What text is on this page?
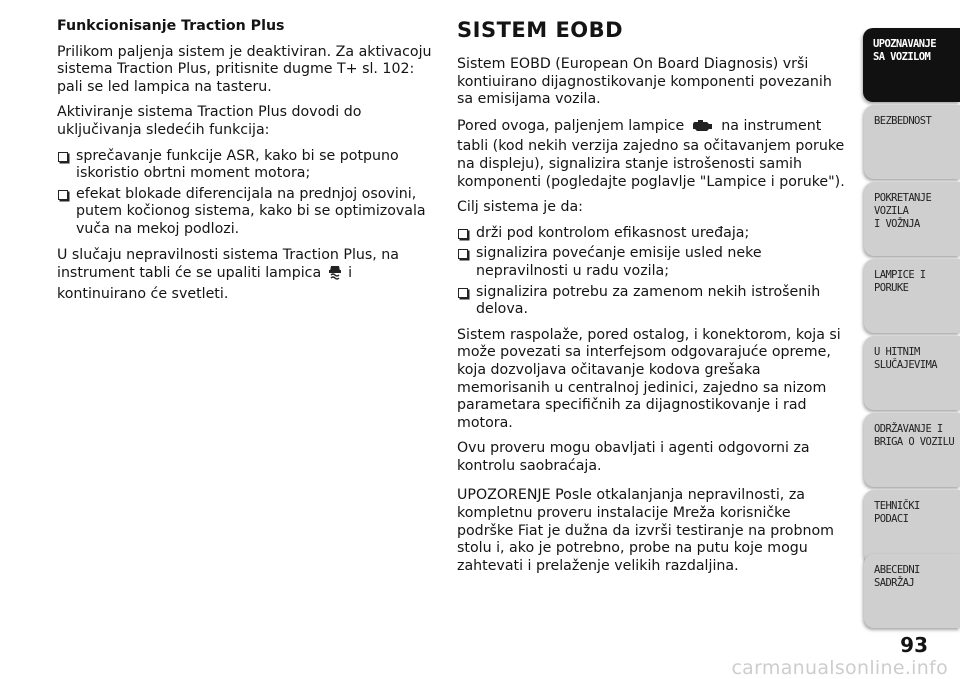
Funkcionisanje Traction Plus

Prilikom paljenja sistem je deaktiviran. Za aktivacoju sistema Traction Plus, pritisnite dugme T+ sl. 102: pali se led lampica na tasteru.

Aktiviranje sistema Traction Plus dovodi do uključivanja sledećih funkcija:

sprečavanje funkcije ASR, kako bi se potpuno iskoristio obrtni moment motora;
efekat blokade diferencijala na prednjoj osovini, putem kočionog sistema, kako bi se optimizovala vuča na mekoj podlozi.

U slučaju nepravilnosti sistema Traction Plus, na instrument tabli će se upaliti lampica i kontinuirano će svetleti.

SISTEM EOBD

Sistem EOBD (European On Board Diagnosis) vrši kontiuirano dijagnostikovanje komponenti povezanih sa emisijama vozila.

Pored ovoga, paljenjem lampice	na instrument tabli (kod nekih verzija zajedno sa očitavanjem poruke na displeju), signalizira stanje istrošenosti samih komponenti (pogledajte poglavlje "Lampice i poruke").

Cilj sistema je da:

drži pod kontrolom efikasnost uređaja;
signalizira povećanje emisije usled neke nepravilnosti u radu vozila;
signalizira potrebu za zamenom nekih istrošenih delova.

Sistem raspolaže, pored ostalog, i konektorom, koja si može povezati sa interfejsom odgovarajuće opreme, koja dozvoljava očitavanje kodova grešaka memorisanih u centralnoj jedinici, zajedno sa nizom parametara specifičnih za dijagnostikovanje i rad motora.

Ovu proveru mogu obavljati i agenti odgovorni za kontrolu saobraćaja.

UPOZORENJE Posle otkalanjanja nepravilnosti, za kompletnu proveru instalacije Mreža korisničke podrške Fiat je dužna da izvrši testiranje na probnom stolu i, ako je potrebno, probe na putu koje mogu zahtevati i prelaženje velikih razdaljina.

UPOZNAVANJE
SA VOZILOM
BEZBEDNOST
POKRETANJE VOZILA
I VOŽNJA
LAMPICE I PORUKE
U HITNIM
SLUČAJEVIMA
ODRŽAVANJE I
BRIGA O VOZILU
TEHNIČKI PODACI
ABECEDNI SADRŽAJ
93
carmanualsonline.info
